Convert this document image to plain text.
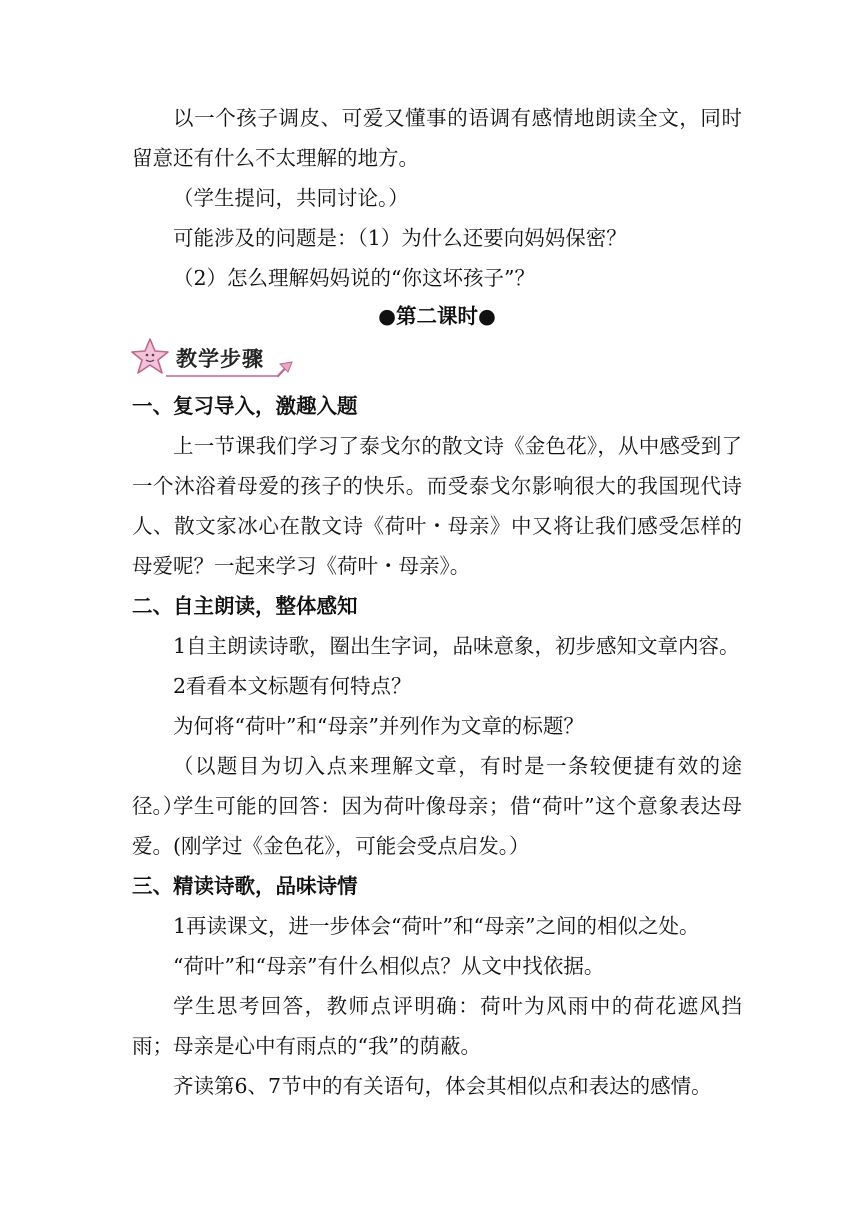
以一个孩子调皮、可爱又懂事的语调有感情地朗读全文，同时留意还有什么不太理解的地方。

（学生提问，共同讨论。）

可能涉及的问题是：（1）为什么还要向妈妈保密？

（2）怎么理解妈妈说的“你这坏孩子”？

●第二课时●

教学步骤

一、复习导入，激趣入题

上一节课我们学习了泰戈尔的散文诗《金色花》，从中感受到了一个沐浴着母爱的孩子的快乐。而受泰戈尔影响很大的我国现代诗人、散文家冰心在散文诗《荷叶・母亲》中又将让我们感受怎样的母爱呢？一起来学习《荷叶・母亲》。

二、自主朗读，整体感知

1自主朗读诗歌，圈出生字词，品味意象，初步感知文章内容。

2看看本文标题有何特点？

为何将“荷叶”和“母亲”并列作为文章的标题？

（以题目为切入点来理解文章，有时是一条较便捷有效的途径。）

学生可能的回答：因为荷叶像母亲；借“荷叶”这个意象表达母爱。(刚学过《金色花》，可能会受点启发。）

三、精读诗歌，品味诗情

1再读课文，进一步体会“荷叶”和“母亲”之间的相似之处。

“荷叶”和“母亲”有什么相似点？从文中找依据。

学生思考回答，教师点评明确：荷叶为风雨中的荷花遮风挡雨；母亲是心中有雨点的“我”的荫蔽。

齐读第6、7节中的有关语句，体会其相似点和表达的感情。
